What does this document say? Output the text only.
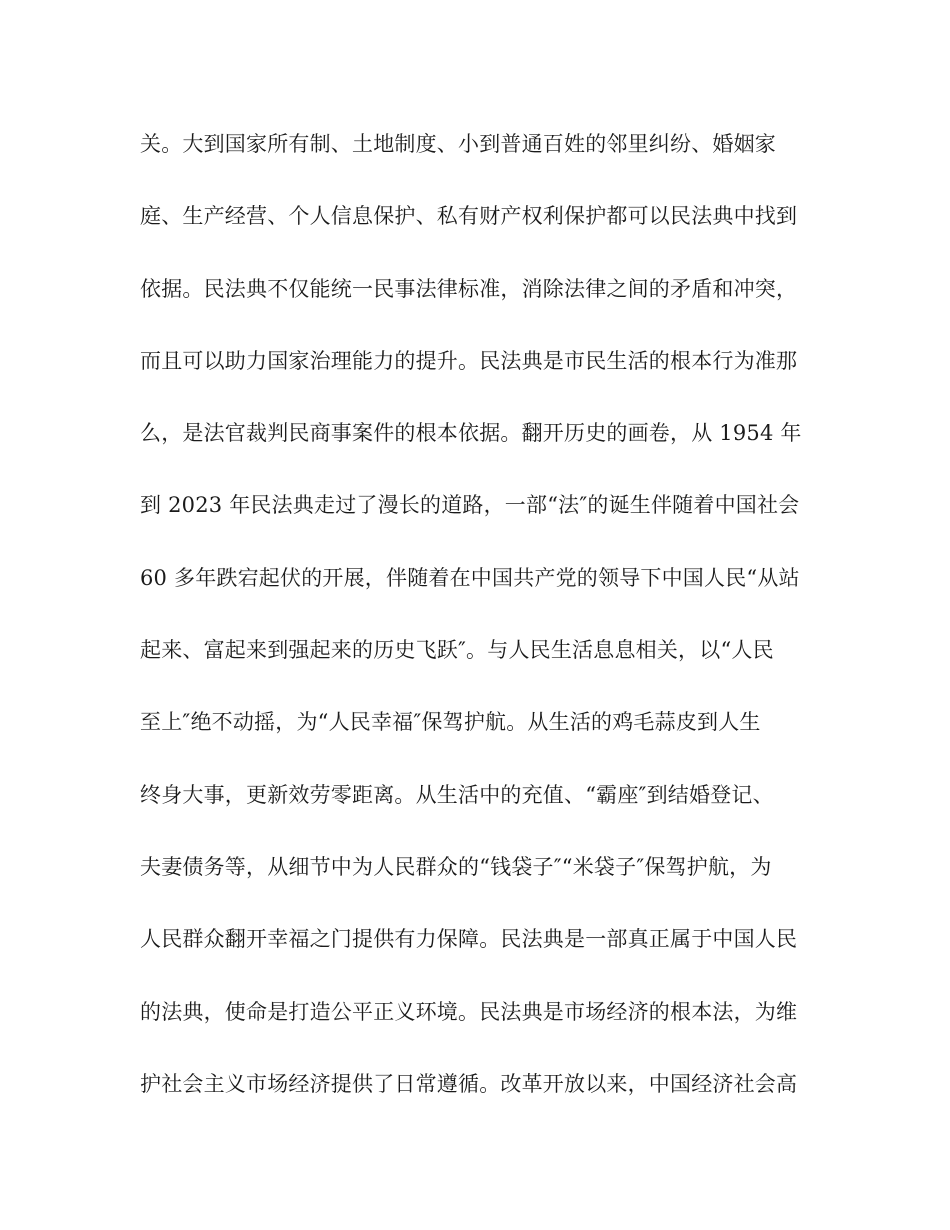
关。大到国家所有制、土地制度、小到普通百姓的邻里纠纷、婚姻家
庭、生产经营、个人信息保护、私有财产权利保护都可以民法典中找到
依据。民法典不仅能统一民事法律标准，消除法律之间的矛盾和冲突，
而且可以助力国家治理能力的提升。民法典是市民生活的根本行为准那
么，是法官裁判民商事案件的根本依据。翻开历史的画卷，从 1954 年
到 2023 年民法典走过了漫长的道路，一部“法″的诞生伴随着中国社会
60 多年跌宕起伏的开展，伴随着在中国共产党的领导下中国人民“从站
起来、富起来到强起来的历史飞跃″。与人民生活息息相关，以“人民
至上″绝不动摇，为“人民幸福″保驾护航。从生活的鸡毛蒜皮到人生
终身大事，更新效劳零距离。从生活中的充值、“霸座″到结婚登记、
夫妻债务等，从细节中为人民群众的“钱袋子″“米袋子″保驾护航，为
人民群众翻开幸福之门提供有力保障。民法典是一部真正属于中国人民
的法典，使命是打造公平正义环境。民法典是市场经济的根本法，为维
护社会主义市场经济提供了日常遵循。改革开放以来，中国经济社会高
